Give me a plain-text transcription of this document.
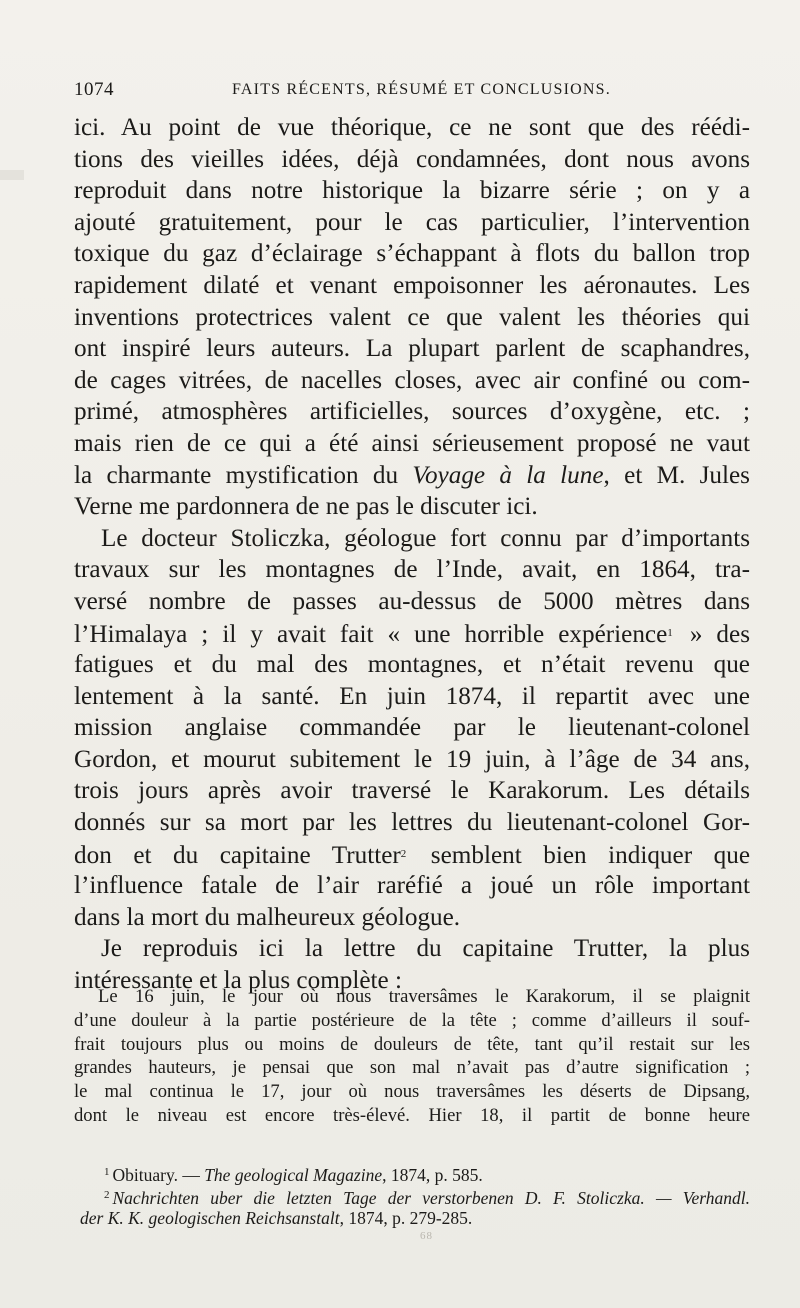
1074	FAITS RÉCENTS, RÉSUMÉ ET CONCLUSIONS.
ici. Au point de vue théorique, ce ne sont que des réédi-
tions des vieilles idées, déjà condamnées, dont nous avons
reproduit dans notre historique la bizarre série ; on y a
ajouté gratuitement, pour le cas particulier, l’intervention
toxique du gaz d’éclairage s’échappant à flots du ballon trop
rapidement dilaté et venant empoisonner les aéronautes. Les
inventions protectrices valent ce que valent les théories qui
ont inspiré leurs auteurs. La plupart parlent de scaphandres,
de cages vitrées, de nacelles closes, avec air confiné ou com-
primé, atmosphères artificielles, sources d’oxygène, etc. ;
mais rien de ce qui a été ainsi sérieusement proposé ne vaut
la charmante mystification du Voyage à la lune, et M. Jules
Verne me pardonnera de ne pas le discuter ici.
Le docteur Stoliczka, géologue fort connu par d’importants
travaux sur les montagnes de l’Inde, avait, en 1864, tra-
versé nombre de passes au-dessus de 5000 mètres dans
l’Himalaya ; il y avait fait « une horrible expérience$^1$ » des
fatigues et du mal des montagnes, et n’était revenu que
lentement à la santé. En juin 1874, il repartit avec une
mission anglaise commandée par le lieutenant-colonel
Gordon, et mourut subitement le 19 juin, à l’âge de 34 ans,
trois jours après avoir traversé le Karakorum. Les détails
donnés sur sa mort par les lettres du lieutenant-colonel Gor-
don et du capitaine Trutter$^2$ semblent bien indiquer que
l’influence fatale de l’air raréfié a joué un rôle important
dans la mort du malheureux géologue.
Je reproduis ici la lettre du capitaine Trutter, la plus
intéressante et la plus complète :
Le 16 juin, le jour où nous traversâmes le Karakorum, il se plaignit
d’une douleur à la partie postérieure de la tête ; comme d’ailleurs il souf-
frait toujours plus ou moins de douleurs de tête, tant qu’il restait sur les
grandes hauteurs, je pensai que son mal n’avait pas d’autre signification ;
le mal continua le 17, jour où nous traversâmes les déserts de Dipsang,
dont le niveau est encore très-élevé. Hier 18, il partit de bonne heure
$^1$ Obituary. — The geological Magazine, 1874, p. 585.
$^2$ Nachrichten uber die letzten Tage der verstorbenen D. F. Stoliczka. — Verhandl.
der K. K. geologischen Reichsanstalt, 1874, p. 279-285.
68
